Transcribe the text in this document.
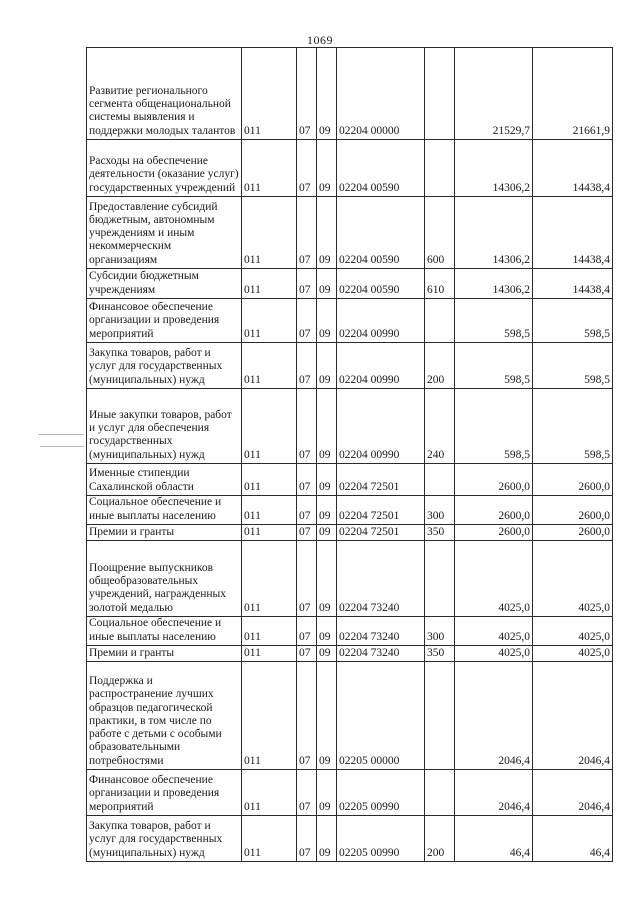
1069
Развитие регионального сегмента общенациональной системы выявления и поддержки молодых талантов	011	07	09	02204 00000		21529,7	21661,9
Расходы на обеспечение деятельности (оказание услуг) государственных учреждений	011	07	09	02204 00590		14306,2	14438,4
Предоставление субсидий бюджетным, автономным учреждениям и иным некоммерческим организациям	011	07	09	02204 00590	600	14306,2	14438,4
Субсидии бюджетным учреждениям	011	07	09	02204 00590	610	14306,2	14438,4
Финансовое обеспечение организации и проведения мероприятий	011	07	09	02204 00990		598,5	598,5
Закупка товаров, работ и услуг для государственных (муниципальных) нужд	011	07	09	02204 00990	200	598,5	598,5
Иные закупки товаров, работ и услуг для обеспечения государственных (муниципальных) нужд	011	07	09	02204 00990	240	598,5	598,5
Именные стипендии Сахалинской области	011	07	09	02204 72501		2600,0	2600,0
Социальное обеспечение и иные выплаты населению	011	07	09	02204 72501	300	2600,0	2600,0
Премии и гранты	011	07	09	02204 72501	350	2600,0	2600,0
Поощрение выпускников общеобразовательных учреждений, награжденных золотой медалью	011	07	09	02204 73240		4025,0	4025,0
Социальное обеспечение и иные выплаты населению	011	07	09	02204 73240	300	4025,0	4025,0
Премии и гранты	011	07	09	02204 73240	350	4025,0	4025,0
Поддержка и распространение лучших образцов педагогической практики, в том числе по работе с детьми с особыми образовательными потребностями	011	07	09	02205 00000		2046,4	2046,4
Финансовое обеспечение организации и проведения мероприятий	011	07	09	02205 00990		2046,4	2046,4
Закупка товаров, работ и услуг для государственных (муниципальных) нужд	011	07	09	02205 00990	200	46,4	46,4
